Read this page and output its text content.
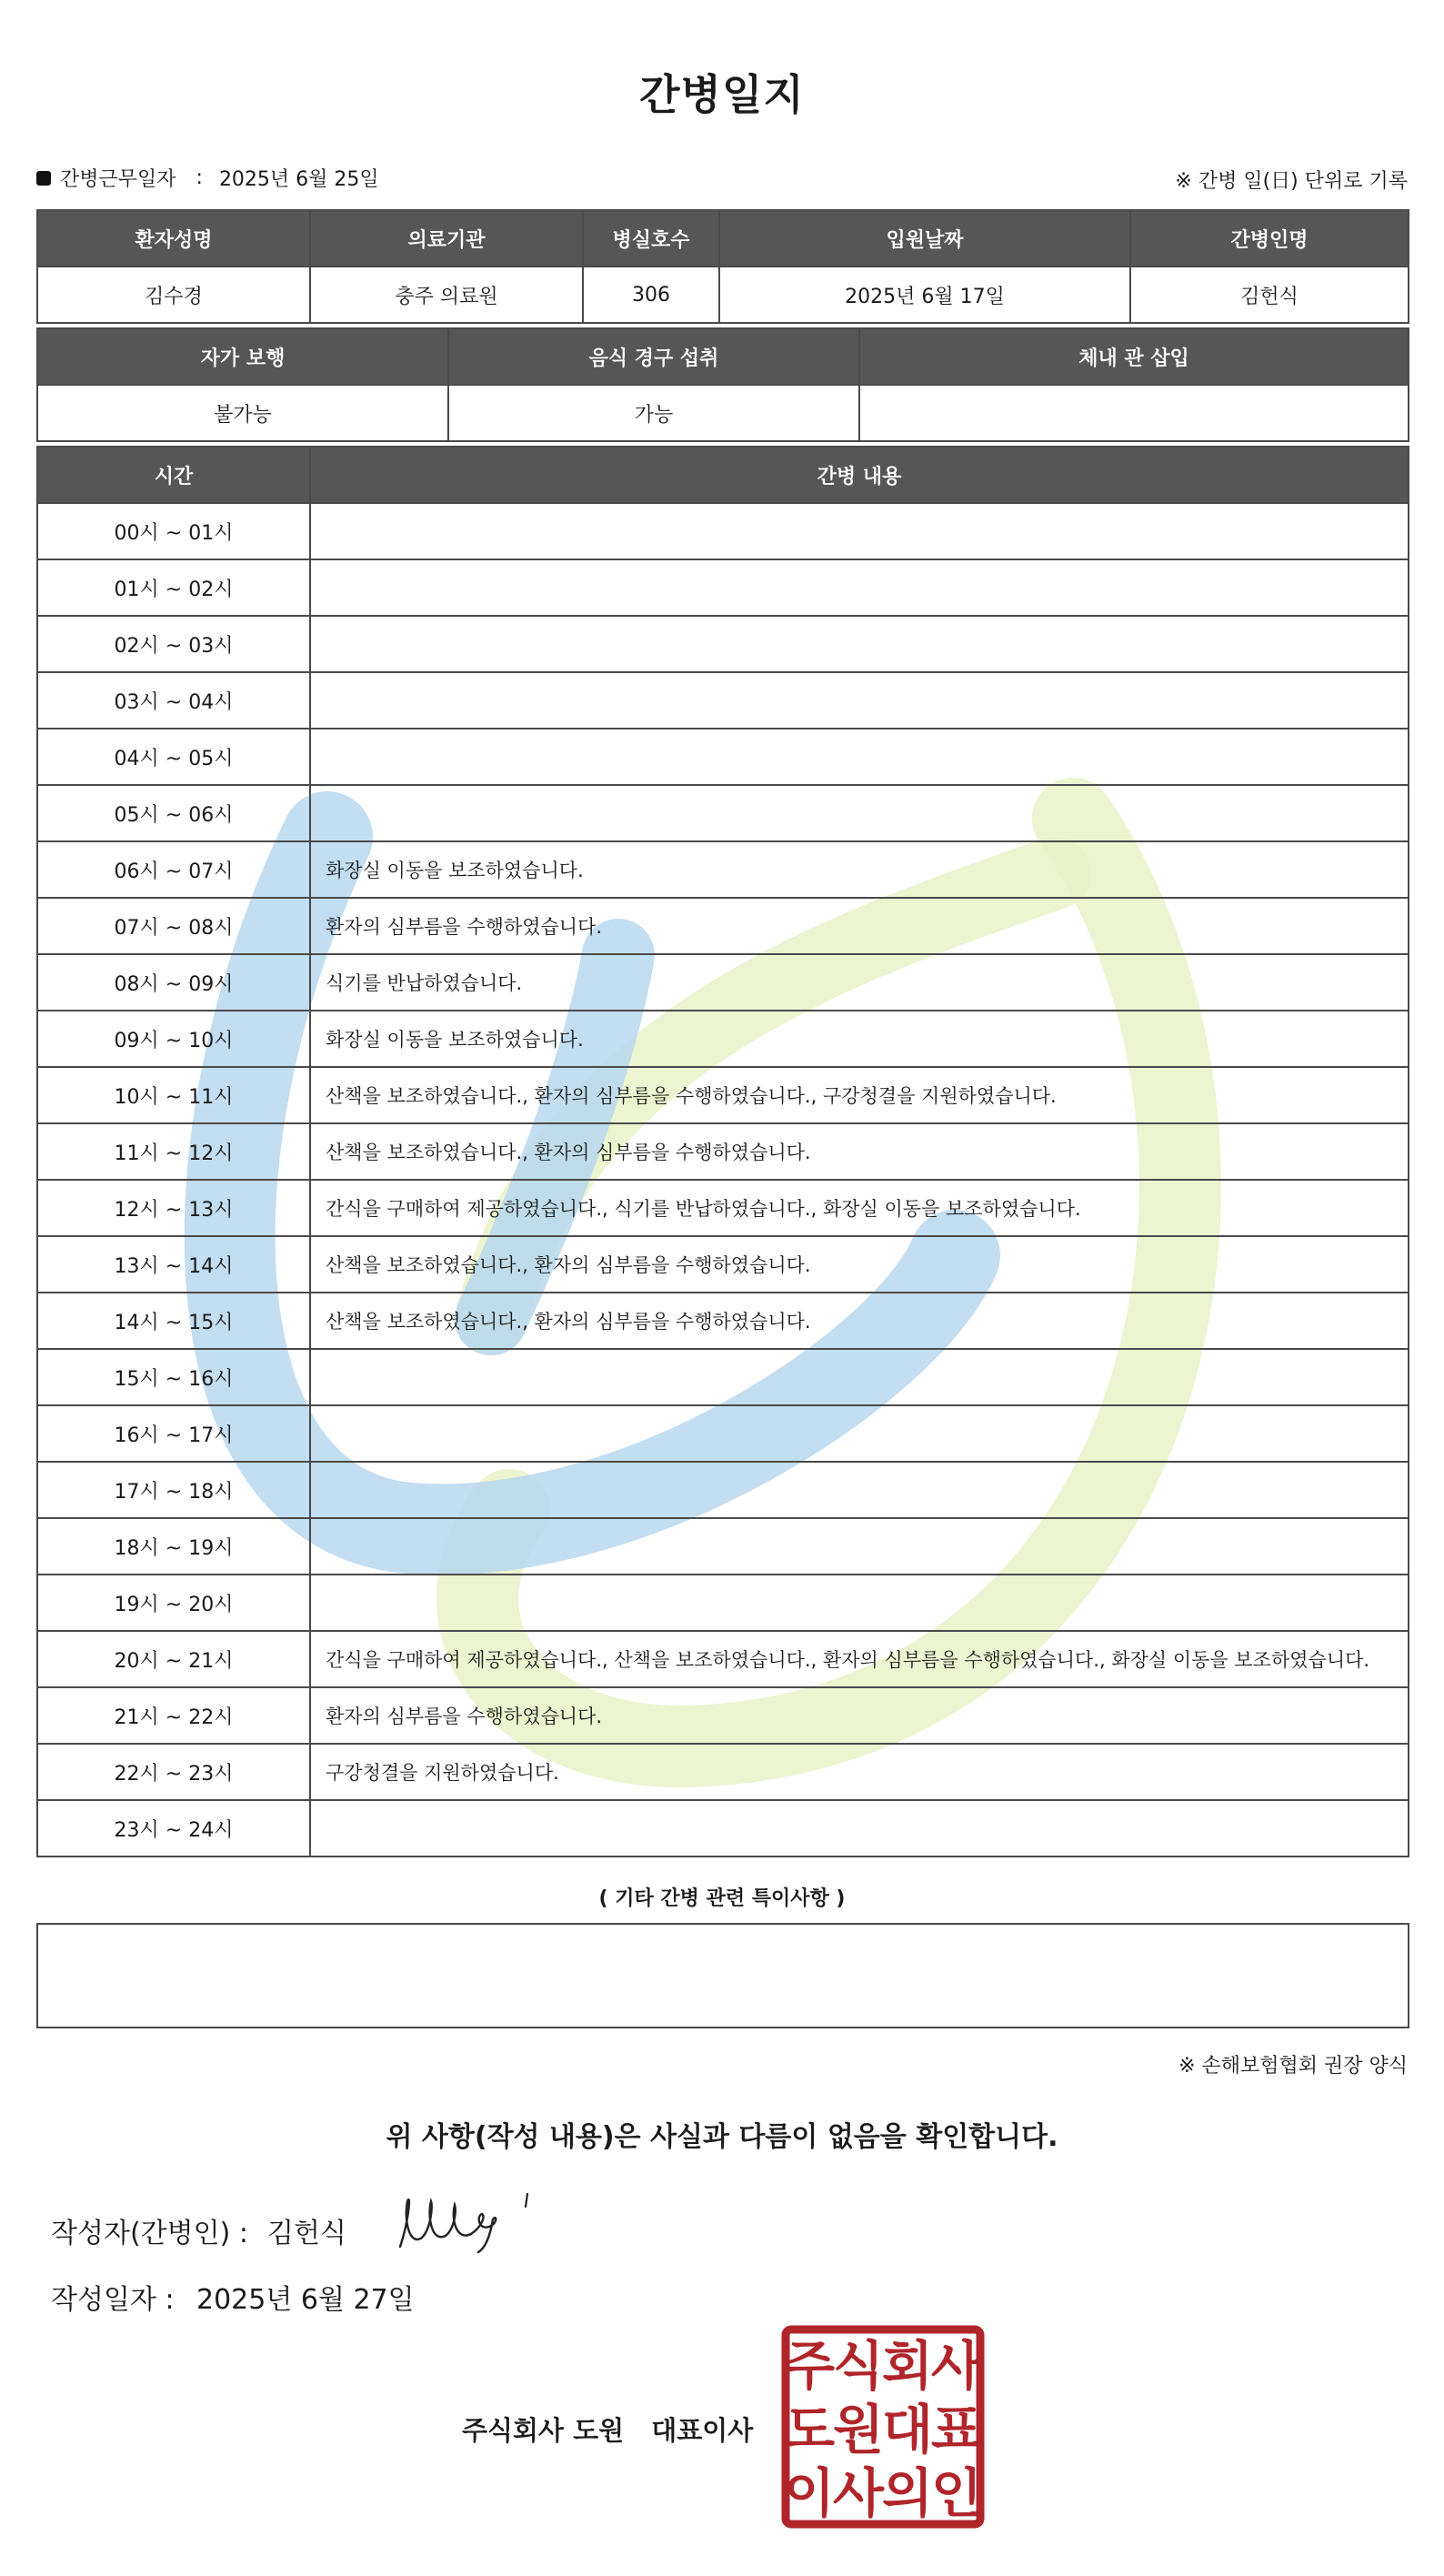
간병일지
간병근무일자 : 2025년 6월 25일	※ 간병 일(日) 단위로 기록
환자성명	의료기관	병실호수	입원날짜	간병인명
김수경	충주 의료원	306	2025년 6월 17일	김헌식
자가 보행	음식 경구 섭취	체내 관 삽입
불가능	가능	
시간	간병 내용
00시 ~ 01시	
01시 ~ 02시	
02시 ~ 03시	
03시 ~ 04시	
04시 ~ 05시	
05시 ~ 06시	
06시 ~ 07시	화장실 이동을 보조하였습니다.
07시 ~ 08시	환자의 심부름을 수행하였습니다.
08시 ~ 09시	식기를 반납하였습니다.
09시 ~ 10시	화장실 이동을 보조하였습니다.
10시 ~ 11시	산책을 보조하였습니다., 환자의 심부름을 수행하였습니다., 구강청결을 지원하였습니다.
11시 ~ 12시	산책을 보조하였습니다., 환자의 심부름을 수행하였습니다.
12시 ~ 13시	간식을 구매하여 제공하였습니다., 식기를 반납하였습니다., 화장실 이동을 보조하였습니다.
13시 ~ 14시	산책을 보조하였습니다., 환자의 심부름을 수행하였습니다.
14시 ~ 15시	산책을 보조하였습니다., 환자의 심부름을 수행하였습니다.
15시 ~ 16시	
16시 ~ 17시	
17시 ~ 18시	
18시 ~ 19시	
19시 ~ 20시	
20시 ~ 21시	간식을 구매하여 제공하였습니다., 산책을 보조하였습니다., 환자의 심부름을 수행하였습니다., 화장실 이동을 보조하였습니다.
21시 ~ 22시	환자의 심부름을 수행하였습니다.
22시 ~ 23시	구강청결을 지원하였습니다.
23시 ~ 24시	
( 기타 간병 관련 특이사항 )
※ 손해보험협회 권장 양식
위 사항(작성 내용)은 사실과 다름이 없음을 확인합니다.
작성자(간병인) : 김헌식
작성일자 : 2025년 6월 27일
주식회사 도원 대표이사
주
식
회
사
도
원
대
표
이
사
의
인
